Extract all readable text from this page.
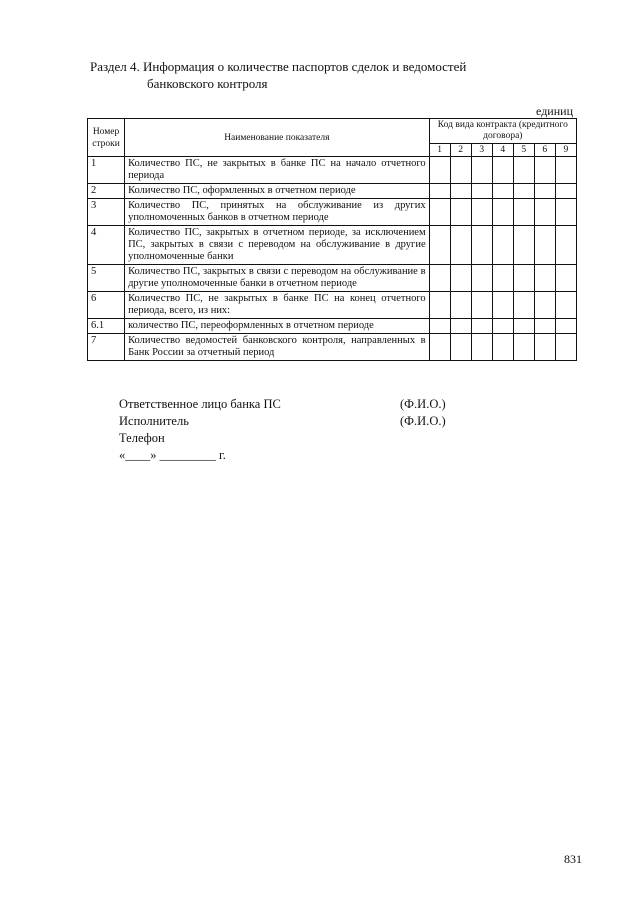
Раздел 4. Информация о количестве паспортов сделок и ведомостей
банковского контроля
единиц
Номер строки	Наименование показателя	Код вида контракта (кредитного договора)						
		1	2	3	4	5	6	9
1	Количество ПС, не закрытых в банке ПС на начало отчетного периода							
2	Количество ПС, оформленных в отчетном периоде							
3	Количество ПС, принятых на обслуживание из других уполномоченных банков в отчетном периоде							
4	Количество ПС, закрытых в отчетном периоде, за исключением ПС, закрытых в связи с переводом на обслуживание в другие уполномоченные банки							
5	Количество ПС, закрытых в связи с переводом на обслуживание в другие уполномоченные банки в отчетном периоде							
6	Количество ПС, не закрытых в банке ПС на конец отчетного периода, всего, из них:							
6.1	количество ПС, переоформленных в отчетном периоде							
7	Количество ведомостей банковского контроля, направленных в Банк России за отчетный период							
Ответственное лицо банка ПС	(Ф.И.О.)
Исполнитель	(Ф.И.О.)
Телефон
«____» _________ г.
831
